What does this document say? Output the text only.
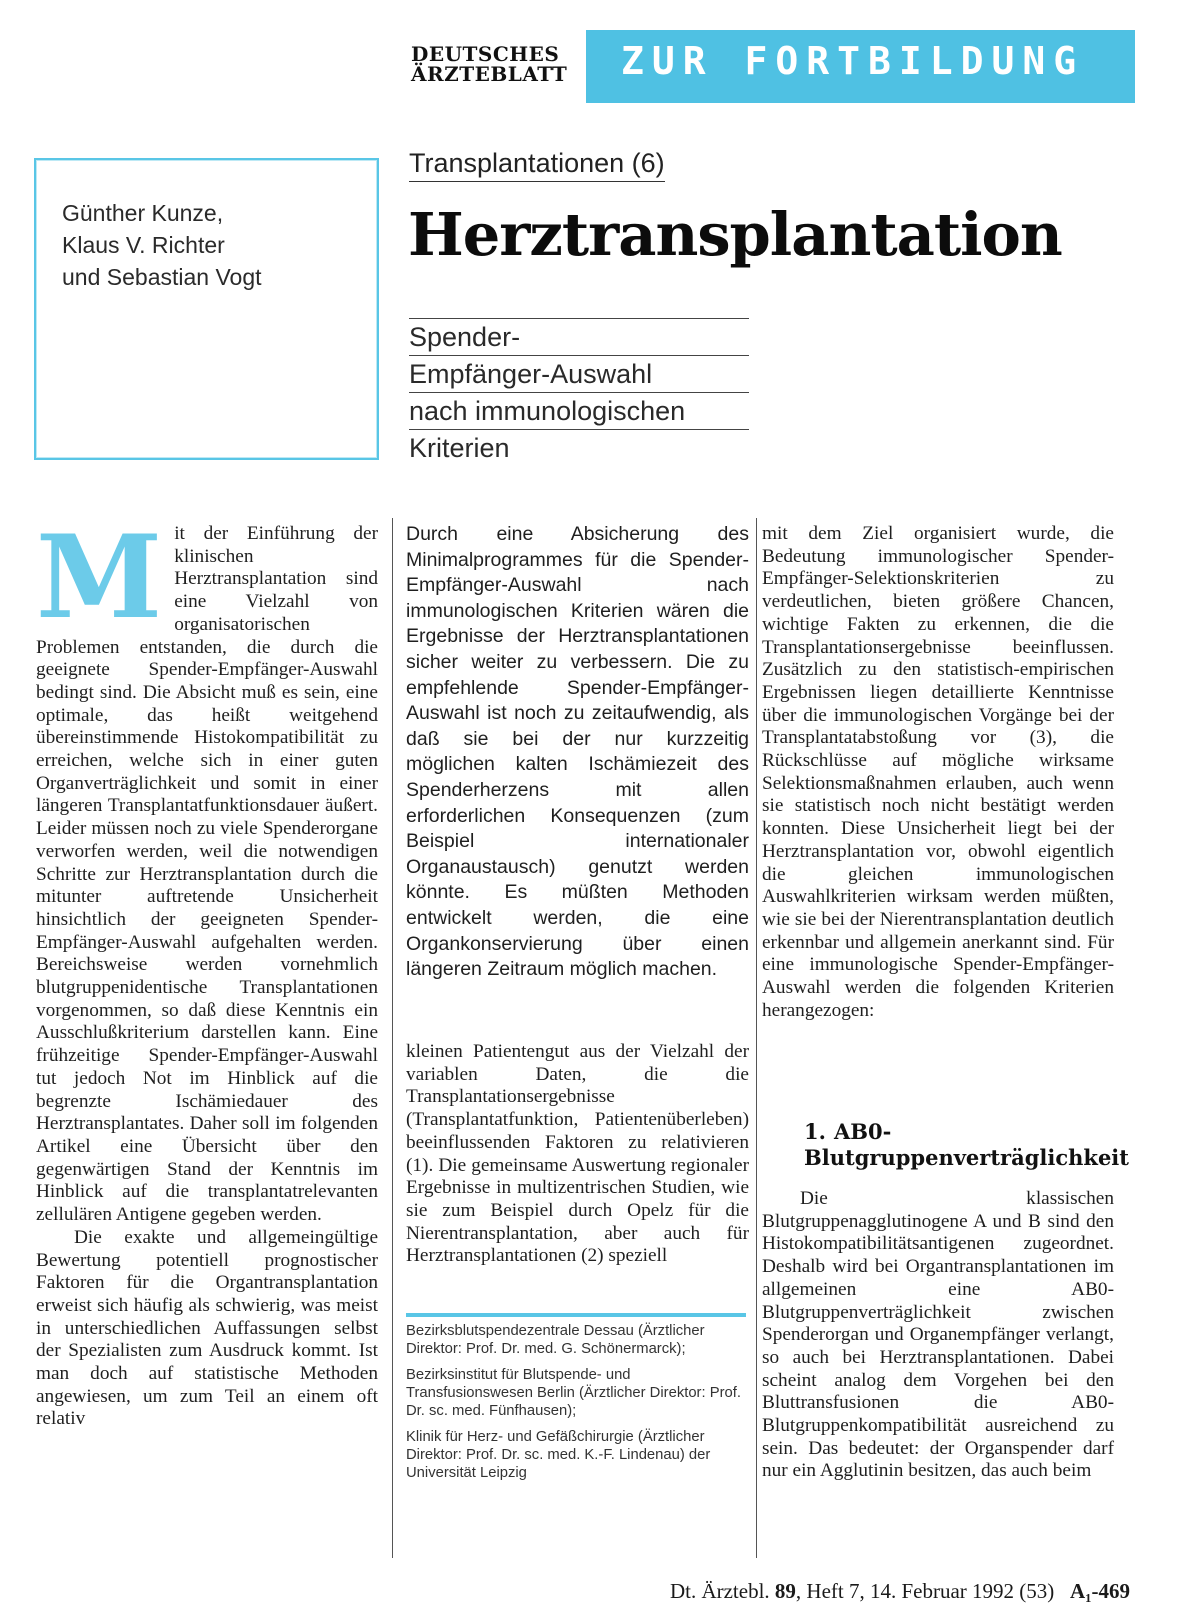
DEUTSCHES
ÄRZTEBLATT	ZUR FORTBILDUNG
Günther Kunze,
Klaus V. Richter
und Sebastian Vogt
Transplantationen (6)
Herztransplantation
Spender-
Empfänger-Auswahl
nach immunologischen
Kriterien

Mit der Einführung der klinischen Herztransplantation sind eine Vielzahl von organisatorischen Problemen entstanden, die durch die geeignete Spender-Empfänger-Auswahl bedingt sind. Die Absicht muß es sein, eine optimale, das heißt weitgehend übereinstimmende Histokompatibilität zu erreichen, welche sich in einer guten Organverträglichkeit und somit in einer längeren Transplantatfunktionsdauer äußert. Leider müssen noch zu viele Spenderorgane verworfen werden, weil die notwendigen Schritte zur Herztransplantation durch die mitunter auftretende Unsicherheit hinsichtlich der geeigneten Spender-Empfänger-Auswahl aufgehalten werden. Bereichsweise werden vornehmlich blutgruppenidentische Transplantationen vorgenommen, so daß diese Kenntnis ein Ausschlußkriterium darstellen kann. Eine frühzeitige Spender-Empfänger-Auswahl tut jedoch Not im Hinblick auf die begrenzte Ischämiedauer des Herztransplantates. Daher soll im folgenden Artikel eine Übersicht über den gegenwärtigen Stand der Kenntnis im Hinblick auf die transplantatrelevanten zellulären Antigene gegeben werden.

Die exakte und allgemeingültige Bewertung potentiell prognostischer Faktoren für die Organtransplantation erweist sich häufig als schwierig, was meist in unterschiedlichen Auffassungen selbst der Spezialisten zum Ausdruck kommt. Ist man doch auf statistische Methoden angewiesen, um zum Teil an einem oft relativ

Durch eine Absicherung des Minimalprogrammes für die Spender-Empfänger-Auswahl nach immunologischen Kriterien wären die Ergebnisse der Herztransplantationen sicher weiter zu verbessern. Die zu empfehlende Spender-Empfänger-Auswahl ist noch zu zeitaufwendig, als daß sie bei der nur kurzzeitig möglichen kalten Ischämiezeit des Spenderherzens mit allen erforderlichen Konsequenzen (zum Beispiel internationaler Organaustausch) genutzt werden könnte. Es müßten Methoden entwickelt werden, die eine Organkonservierung über einen längeren Zeitraum möglich machen.

kleinen Patientengut aus der Vielzahl der variablen Daten, die die Transplantationsergebnisse (Transplantatfunktion, Patientenüberleben) beeinflussenden Faktoren zu relativieren (1). Die gemeinsame Auswertung regionaler Ergebnisse in multizentrischen Studien, wie sie zum Beispiel durch Opelz für die Nierentransplantation, aber auch für Herztransplantationen (2) speziell

Bezirksblutspendezentrale Dessau (Ärztlicher Direktor: Prof. Dr. med. G. Schönermarck);

Bezirksinstitut für Blutspende- und Transfusionswesen Berlin (Ärztlicher Direktor: Prof. Dr. sc. med. Fünfhausen);

Klinik für Herz- und Gefäßchirurgie (Ärztlicher Direktor: Prof. Dr. sc. med. K.-F. Lindenau) der Universität Leipzig

mit dem Ziel organisiert wurde, die Bedeutung immunologischer Spender-Empfänger-Selektionskriterien zu verdeutlichen, bieten größere Chancen, wichtige Fakten zu erkennen, die die Transplantationsergebnisse beeinflussen. Zusätzlich zu den statistisch-empirischen Ergebnissen liegen detaillierte Kenntnisse über die immunologischen Vorgänge bei der Transplantatabstoßung vor (3), die Rückschlüsse auf mögliche wirksame Selektionsmaßnahmen erlauben, auch wenn sie statistisch noch nicht bestätigt werden konnten. Diese Unsicherheit liegt bei der Herztransplantation vor, obwohl eigentlich die gleichen immunologischen Auswahlkriterien wirksam werden müßten, wie sie bei der Nierentransplantation deutlich erkennbar und allgemein anerkannt sind. Für eine immunologische Spender-Empfänger-Auswahl werden die folgenden Kriterien herangezogen:

1. AB0-Blutgruppenverträglichkeit

Die klassischen Blutgruppenagglutinogene A und B sind den Histokompatibilitätsantigenen zugeordnet. Deshalb wird bei Organtransplantationen im allgemeinen eine AB0-Blutgruppenverträglichkeit zwischen Spenderorgan und Organempfänger verlangt, so auch bei Herztransplantationen. Dabei scheint analog dem Vorgehen bei den Bluttransfusionen die AB0-Blutgruppenkompatibilität ausreichend zu sein. Das bedeutet: der Organspender darf nur ein Agglutinin besitzen, das auch beim

Dt. Ärztebl. 89, Heft 7, 14. Februar 1992 (53) A₁-469
